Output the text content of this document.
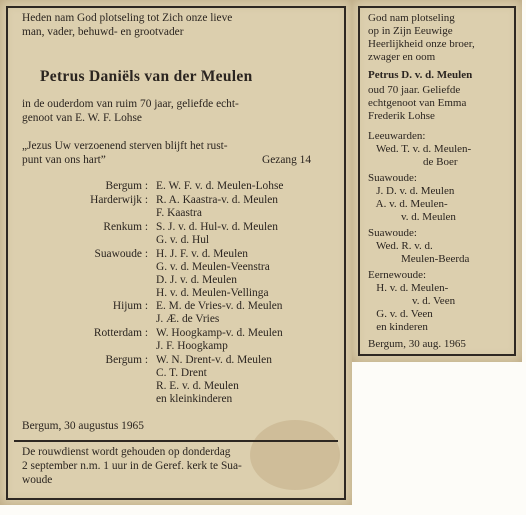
Heden nam God plotseling tot Zich onze lieve
man, vader, behuwd- en grootvader
Petrus Daniëls van der Meulen
in de ouderdom van ruim 70 jaar, geliefde echt-
genoot van E. W. F. Lohse
„Jezus Uw verzoenend sterven blijft het rust-
punt van ons hart”	Gezang 14
Bergum : E. W. F. v. d. Meulen-Lohse
Harderwijk : R. A. Kaastra-v. d. Meulen
F. Kaastra
Renkum : S. J. v. d. Hul-v. d. Meulen
G. v. d. Hul
Suawoude : H. J. F. v. d. Meulen
G. v. d. Meulen-Veenstra
D. J. v. d. Meulen
H. v. d. Meulen-Vellinga
Hijum : E. M. de Vries-v. d. Meulen
J. Æ. de Vries
Rotterdam : W. Hoogkamp-v. d. Meulen
J. F. Hoogkamp
Bergum : W. N. Drent-v. d. Meulen
C. T. Drent
R. E. v. d. Meulen
en kleinkinderen
Bergum, 30 augustus 1965
De rouwdienst wordt gehouden op donderdag
2 september n.m. 1 uur in de Geref. kerk te Sua-
woude
God nam plotseling
op in Zijn Eeuwige
Heerlijkheid onze broer,
zwager en oom
Petrus D. v. d. Meulen
oud 70 jaar. Geliefde
echtgenoot van Emma
Frederik Lohse
Leeuwarden:
Wed. T. v. d. Meulen-
de Boer
Suawoude:
J. D. v. d. Meulen
A. v. d. Meulen-
v. d. Meulen
Suawoude:
Wed. R. v. d.
Meulen-Beerda
Eernewoude:
H. v. d. Meulen-
v. d. Veen
G. v. d. Veen
en kinderen
Bergum, 30 aug. 1965
